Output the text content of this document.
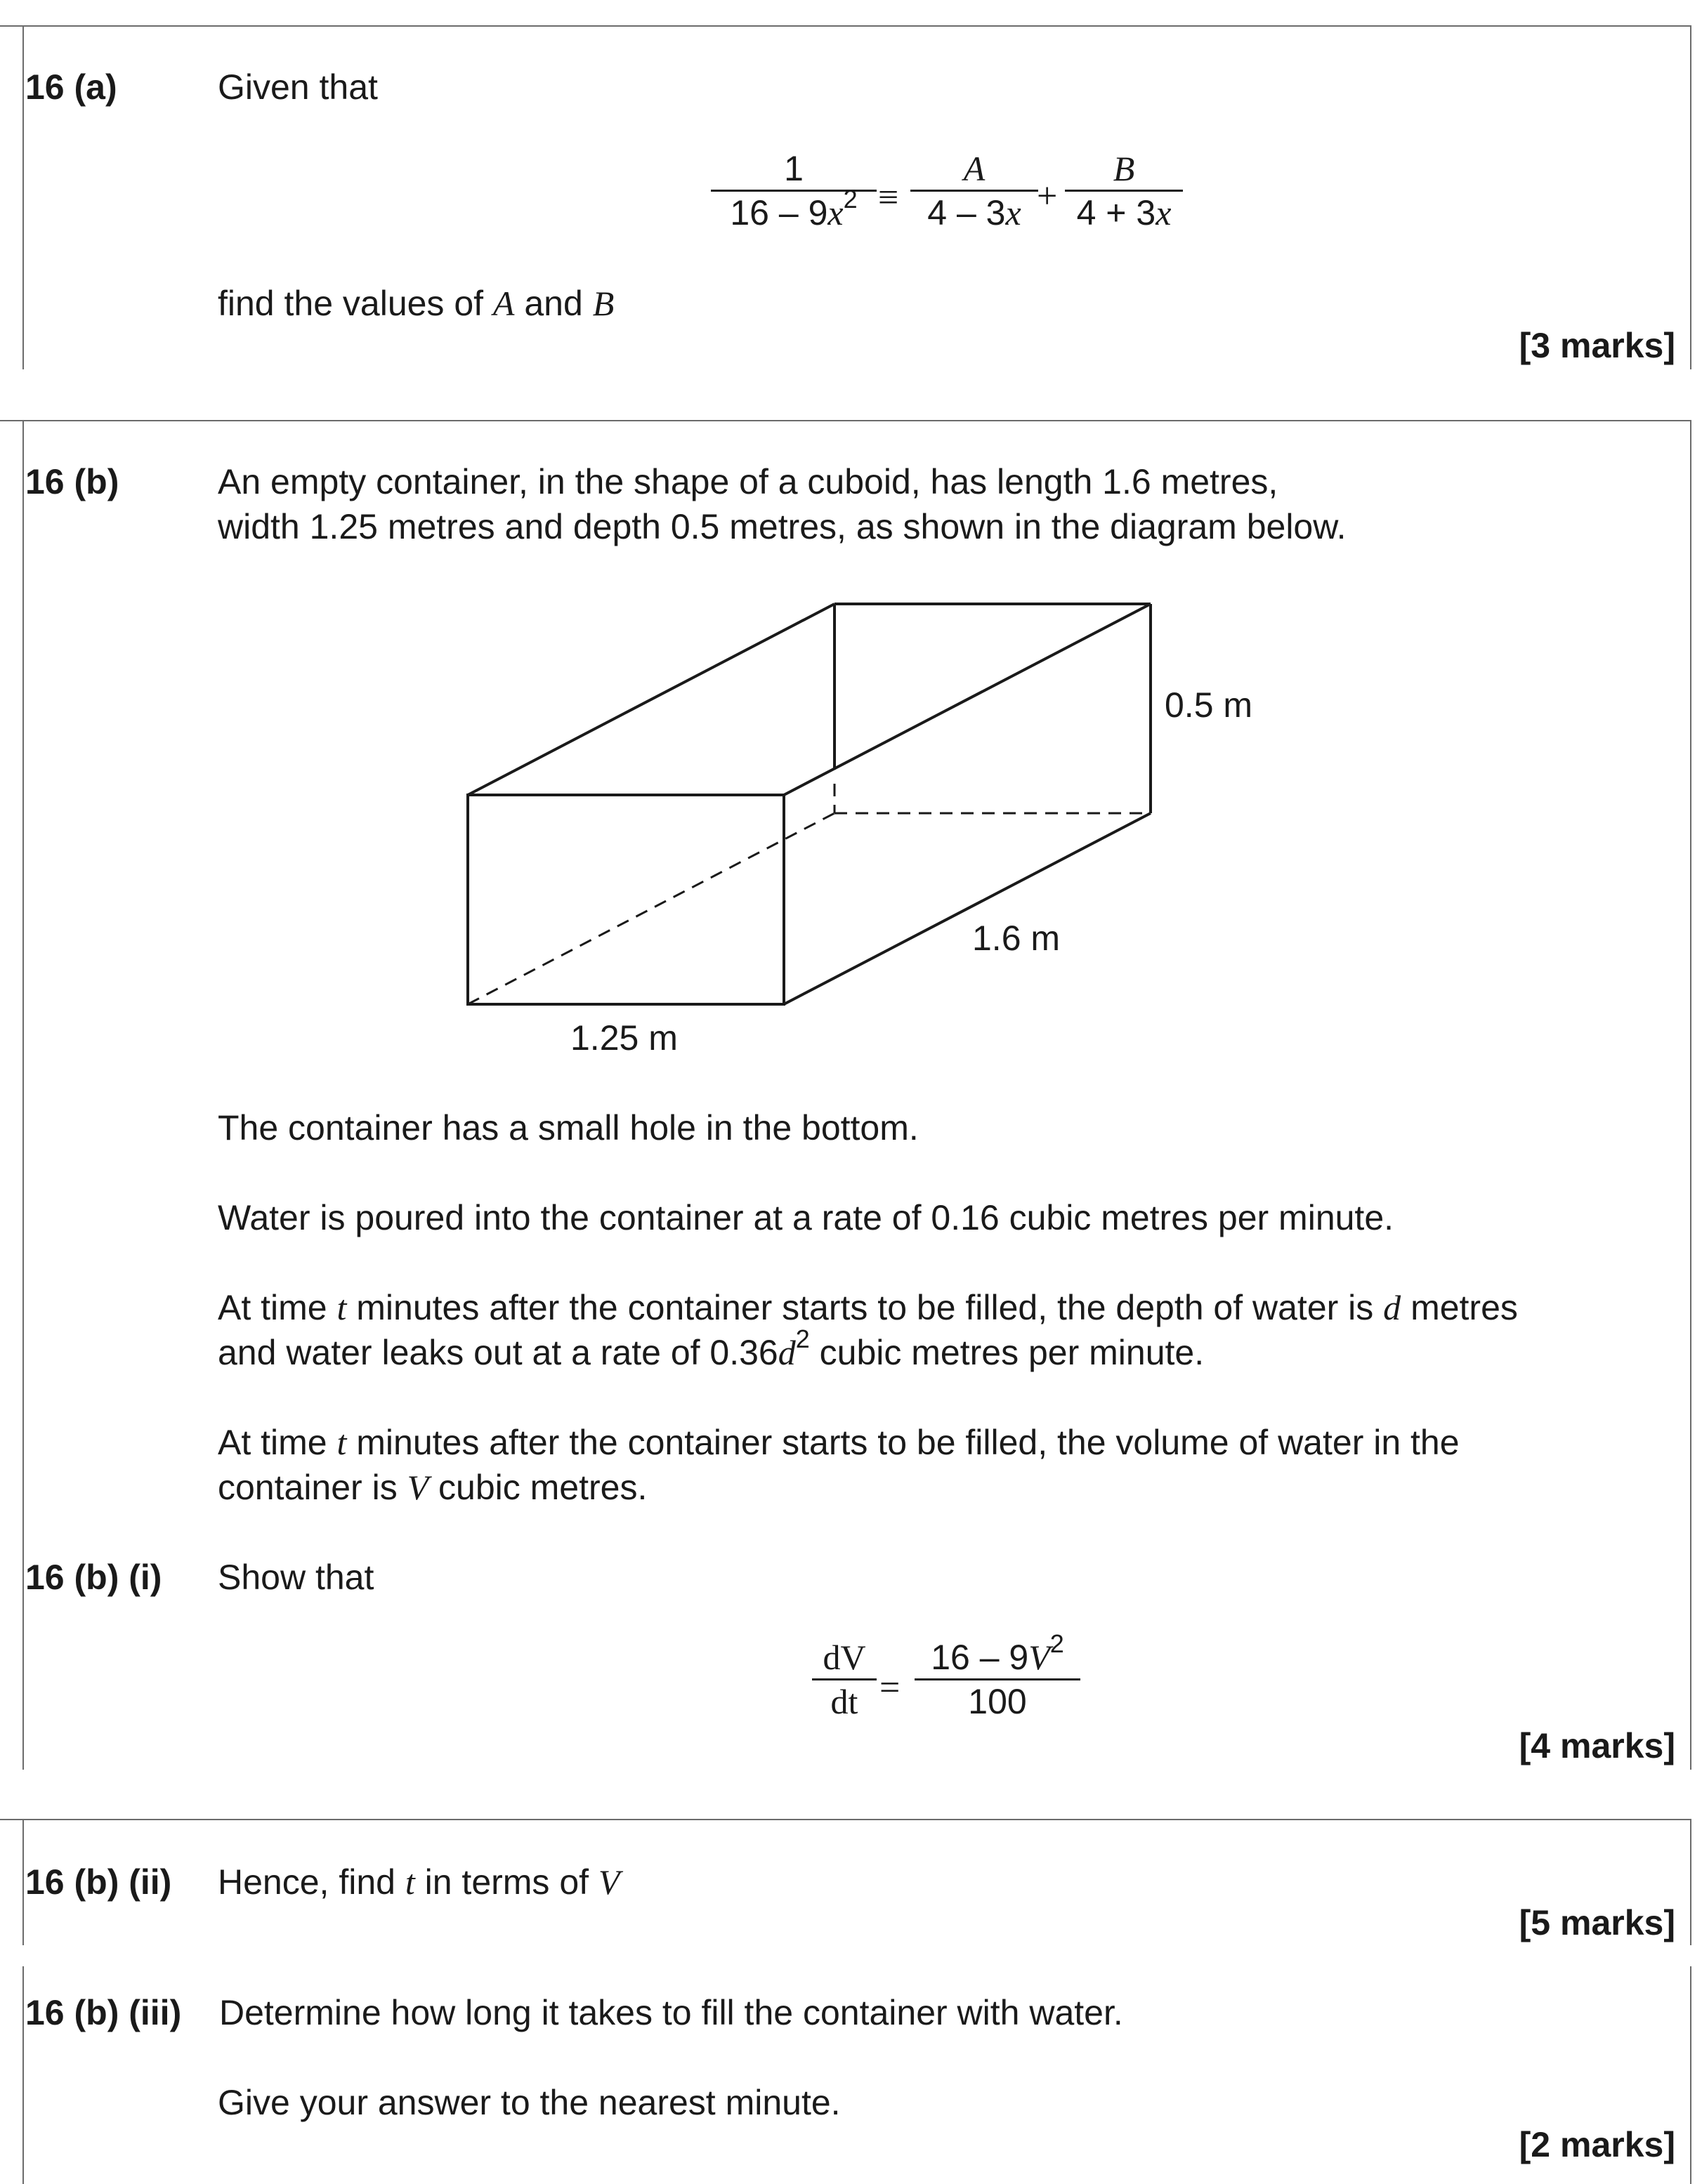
16 (a)	Given that
1
$16 - 9x^2$ ≡
A
4 – 3x +
B
4 + 3x
find the values of A and B
[3 marks]
16 (b)	An empty container, in the shape of a cuboid, has length 1.6 metres,
width 1.25 metres and depth 0.5 metres, as shown in the diagram below.
0.5 m
1.6 m
1.25 m
The container has a small hole in the bottom.
Water is poured into the container at a rate of 0.16 cubic metres per minute.
At time t minutes after the container starts to be filled, the depth of water is d metres
and water leaks out at a rate of $0.36d^2$ cubic metres per minute.
At time t minutes after the container starts to be filled, the volume of water in the
container is V cubic metres.
16 (b) (i) Show that
dV
dt =
$16 - 9V^2$
100
[4 marks]
16 (b) (ii) Hence, find t in terms of V
[5 marks]
16 (b) (iii) Determine how long it takes to fill the container with water.
Give your answer to the nearest minute.
[2 marks]
